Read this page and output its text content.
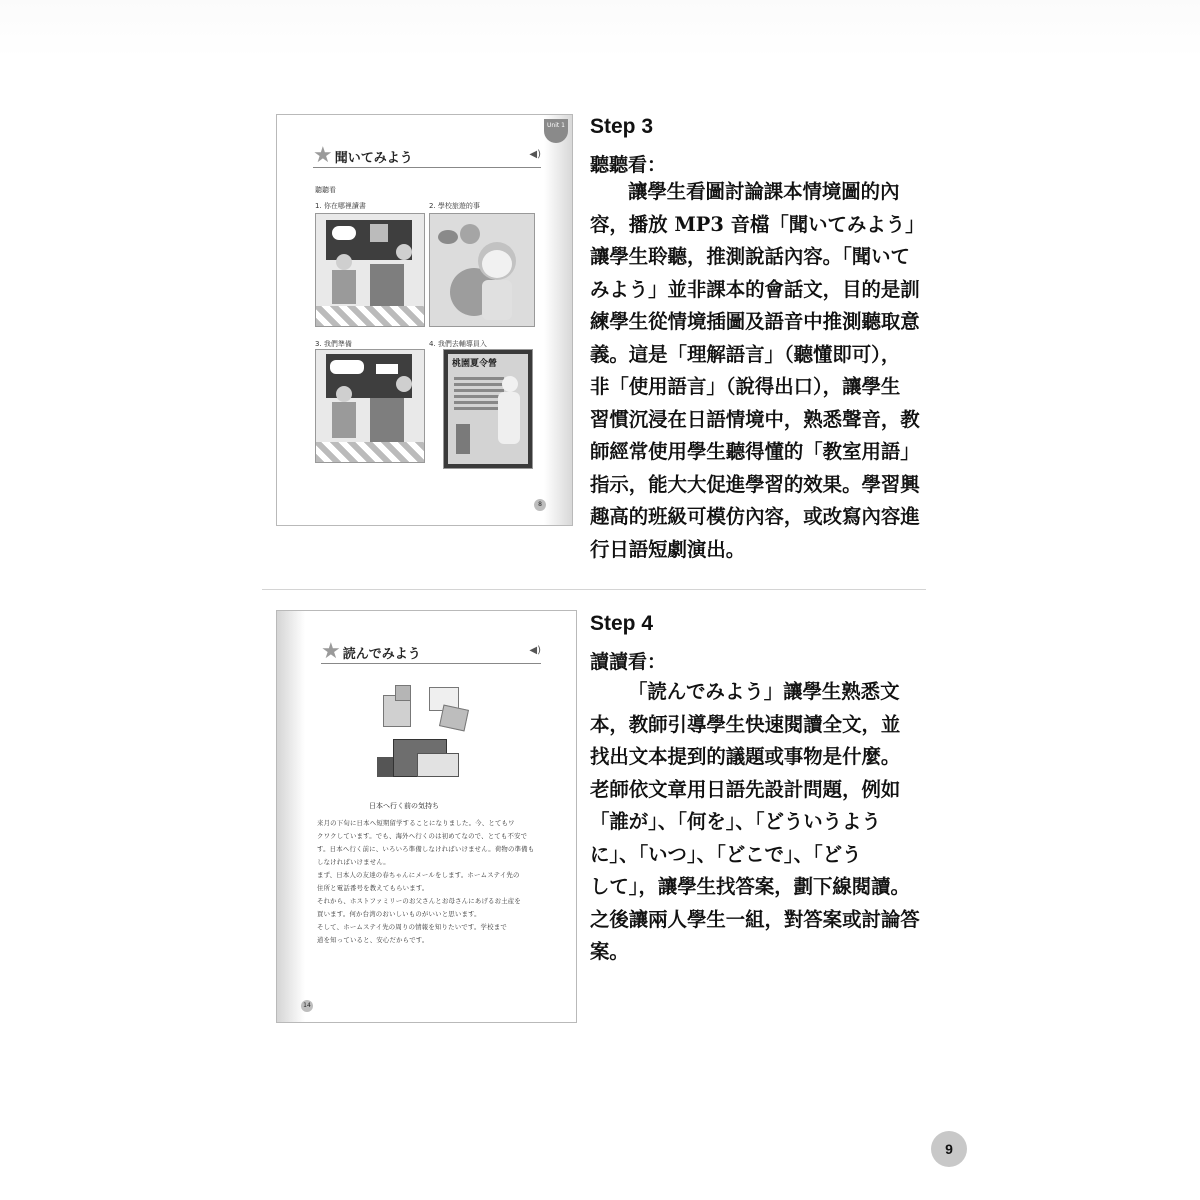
Unit 1
★ 聞いてみよう	◀)
聽聽看
1. 你在哪裡讀書	2. 學校旅遊的事
3. 我們準備	4. 我們去輔導員入
桃園夏令營
8
Step 3
聽聽看：
讓學生看圖討論課本情境圖的內
容，播放 MP3 音檔「聞いてみよう」
讓學生聆聽，推測說話內容。「聞いて
みよう」並非課本的會話文，目的是訓
練學生從情境插圖及語音中推測聽取意
義。這是「理解語言」（聽懂即可），
非「使用語言」（說得出口），讓學生
習慣沉浸在日語情境中，熟悉聲音，教
師經常使用學生聽得懂的「教室用語」
指示，能大大促進學習的效果。學習興
趣高的班級可模仿內容，或改寫內容進
行日語短劇演出。
★ 読んでみよう	◀)
日本へ行く前の気持ち

来月の下旬に日本へ短期留学することになりました。今、とてもワ

クワクしています。でも、海外へ行くのは初めてなので、とても不安で

す。日本へ行く前に、いろいろ準備しなければいけません。荷物の準備も

しなければいけません。

まず、日本人の友達の春ちゃんにメールをします。ホームステイ先の

住所と電話番号を教えてもらいます。

それから、ホストファミリーのお父さんとお母さんにあげるお土産を

買います。何か台湾のおいしいものがいいと思います。

そして、ホームステイ先の周りの情報を知りたいです。学校まで

道を知っていると、安心だからです。

14
Step 4
讀讀看：
「読んでみよう」讓學生熟悉文
本，教師引導學生快速閱讀全文，並
找出文本提到的議題或事物是什麼。
老師依文章用日語先設計問題，例如
「誰が」、「何を」、「どういうよう
に」、「いつ」、「どこで」、「どう
して」，讓學生找答案，劃下線閱讀。
之後讓兩人學生一組，對答案或討論答
案。
9
